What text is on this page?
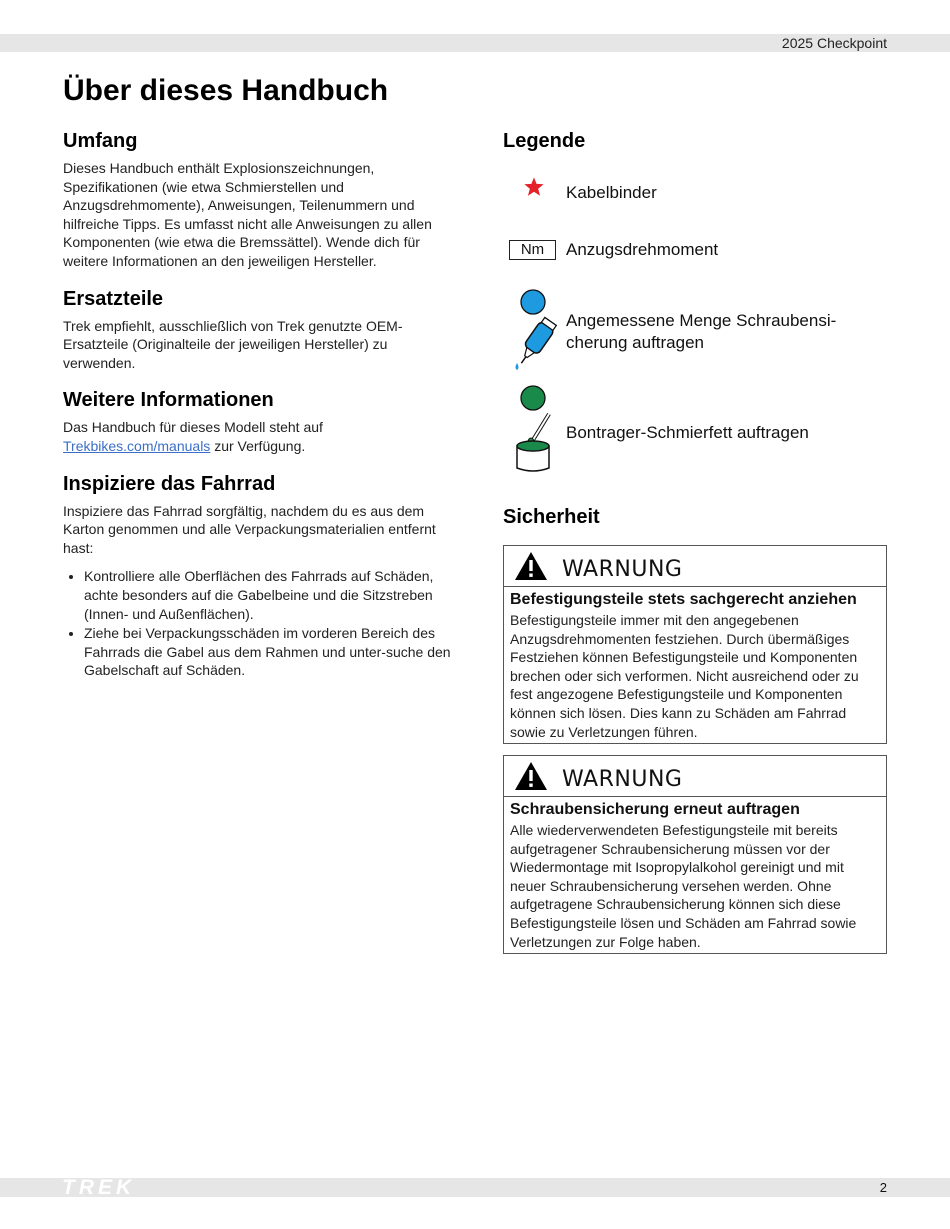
2025 Checkpoint
Über dieses Handbuch
Umfang

Dieses Handbuch enthält Explosionszeichnungen, Spezifikationen (wie etwa Schmierstellen und Anzugsdrehmomente), Anweisungen, Teilenummern und hilfreiche Tipps. Es umfasst nicht alle Anweisungen zu allen Komponenten (wie etwa die Bremssättel). Wende dich für weitere Informationen an den jeweiligen Hersteller.

Ersatzteile

Trek empfiehlt, ausschließlich von Trek genutzte OEM-Ersatzteile (Originalteile der jeweiligen Hersteller) zu verwenden.

Weitere Informationen

Das Handbuch für dieses Modell steht auf
Trekbikes.com/manuals zur Verfügung.

Inspiziere das Fahrrad

Inspiziere das Fahrrad sorgfältig, nachdem du es aus dem Karton genommen und alle Verpackungsmaterialien entfernt hast:

• Kontrolliere alle Oberflächen des Fahrrads auf Schäden, achte besonders auf die Gabelbeine und die Sitzstreben (Innen- und Außenflächen).
• Ziehe bei Verpackungsschäden im vorderen Bereich des Fahrrads die Gabel aus dem Rahmen und unter-suche den Gabelschaft auf Schäden.
Legende
Kabelbinder
Nm	Anzugsdrehmoment
Angemessene Menge Schraubensi-cherung auftragen
Bontrager-Schmierfett auftragen
Sicherheit
WARNUNG
Befestigungsteile stets sachgerecht anziehen
Befestigungsteile immer mit den angegebenen Anzugsdrehmomenten festziehen. Durch übermäßiges Festziehen können Befestigungsteile und Komponenten brechen oder sich verformen. Nicht ausreichend oder zu fest angezogene Befestigungsteile und Komponenten können sich lösen. Dies kann zu Schäden am Fahrrad sowie zu Verletzungen führen.
WARNUNG
Schraubensicherung erneut auftragen
Alle wiederverwendeten Befestigungsteile mit bereits aufgetragener Schraubensicherung müssen vor der Wiedermontage mit Isopropylalkohol gereinigt und mit neuer Schraubensicherung versehen werden. Ohne aufgetragene Schraubensicherung können sich diese Befestigungsteile lösen und Schäden am Fahrrad sowie Verletzungen zur Folge haben.
TREK	2
